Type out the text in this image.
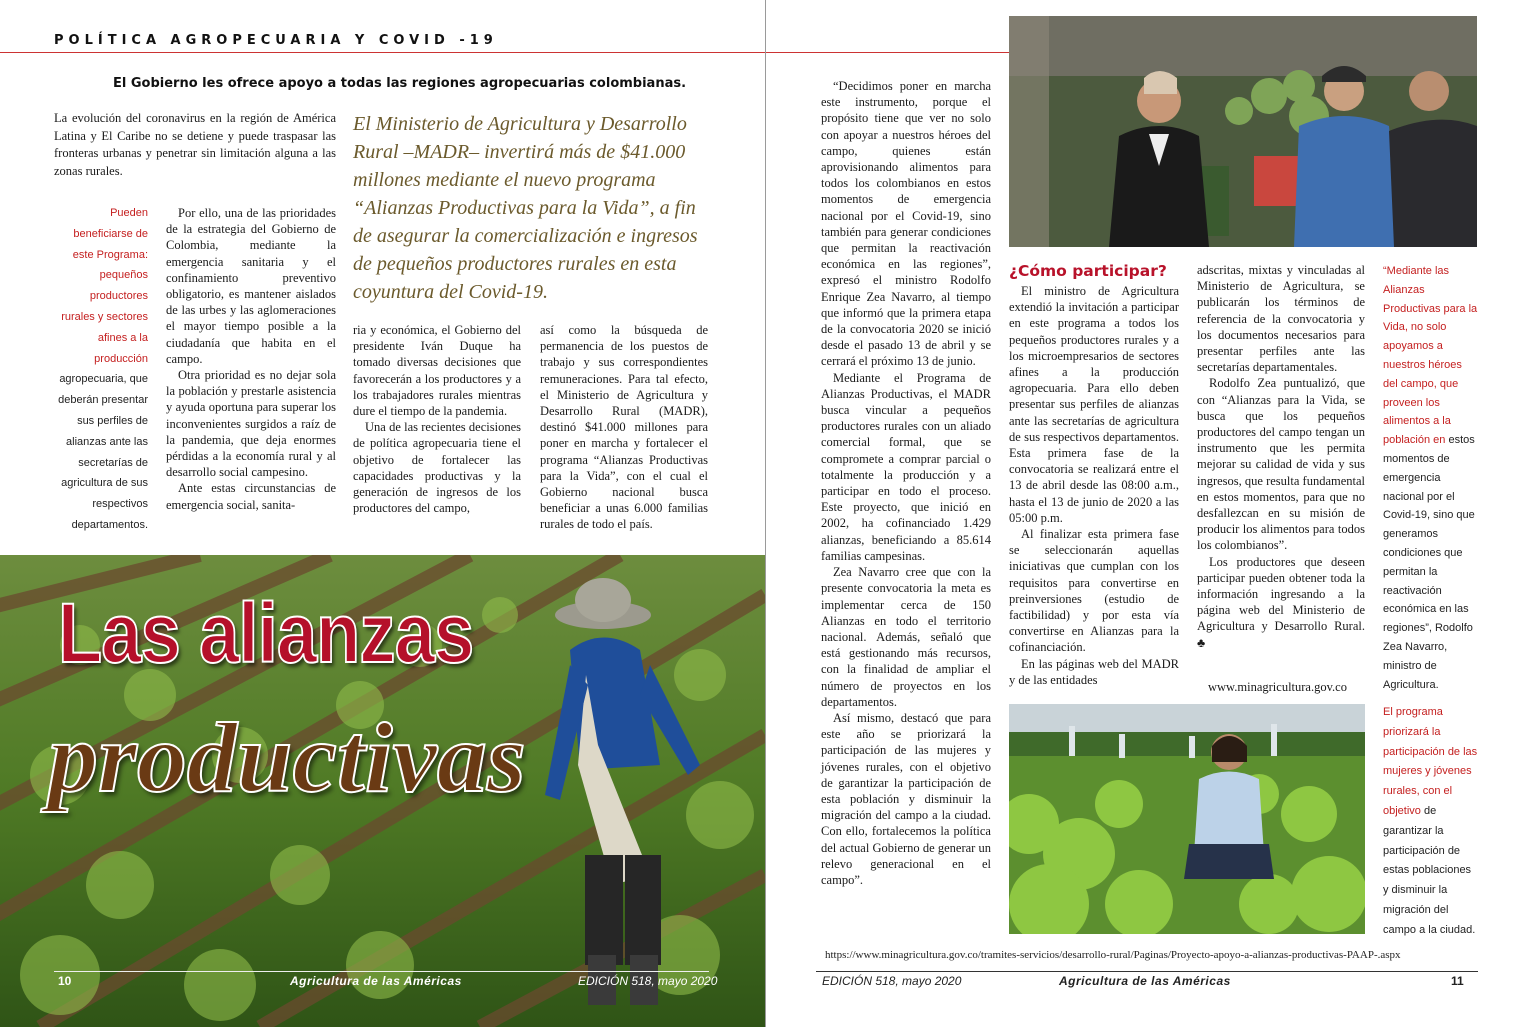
POLÍTICA AGROPECUARIA Y COVID -19
El Gobierno les ofrece apoyo a todas las regiones agropecuarias colombianas.

La evolución del coronavirus en la región de América Latina y El Caribe no se detiene y puede traspasar las fronteras urbanas y penetrar sin limitación alguna a las zonas rurales.

El Ministerio de Agricultura y Desarrollo Rural –MADR– invertirá más de $41.000 millones mediante el nuevo programa “Alianzas Productivas para la Vida”, a fin de asegurar la comercialización e ingresos de pequeños productores rurales en esta coyuntura del Covid-19.
Pueden beneficiarse de este Programa: pequeños productores rurales y sectores afines a la producción agropecuaria, que deberán presentar sus perfiles de alianzas ante las secretarías de agricultura de sus respectivos departamentos.

Por ello, una de las prioridades de la estrategia del Gobierno de Colombia, mediante la emergencia sanitaria y el confinamiento preventivo obligatorio, es mantener aislados de las urbes y las aglomeraciones el mayor tiempo posible a la ciudadanía que habita en el campo.

Otra prioridad es no dejar sola la población y prestarle asistencia y ayuda oportuna para superar los inconvenientes surgidos a raíz de la pandemia, que deja enormes pérdidas a la economía rural y al desarrollo social campesino.

Ante estas circunstancias de emergencia social, sanita-

ria y económica, el Gobierno del presidente Iván Duque ha tomado diversas decisiones que favorecerán a los productores y a los trabajadores rurales mientras dure el tiempo de la pandemia.

Una de las recientes decisiones de política agropecuaria tiene el objetivo de fortalecer las capacidades productivas y la generación de ingresos de los productores del campo,

así como la búsqueda de permanencia de los puestos de trabajo y sus correspondientes remuneraciones. Para tal efecto, el Ministerio de Agricultura y Desarrollo Rural (MADR), destinó $41.000 millones para poner en marcha y fortalecer el programa “Alianzas Productivas para la Vida”, con el cual el Gobierno nacional busca beneficiar a unas 6.000 familias rurales de todo el país.

Las alianzas
productivas
10	Agricultura de las Américas	EDICIÓN 518, mayo 2020

“Decidimos poner en marcha este instrumento, porque el propósito tiene que ver no solo con apoyar a nuestros héroes del campo, quienes están aprovisionando alimentos para todos los colombianos en estos momentos de emergencia nacional por el Covid-19, sino también para generar condiciones que permitan la reactivación económica en las regiones”, expresó el ministro Rodolfo Enrique Zea Navarro, al tiempo que informó que la primera etapa de la convocatoria 2020 se inició desde el pasado 13 de abril y se cerrará el próximo 13 de junio.

Mediante el Programa de Alianzas Productivas, el MADR busca vincular a pequeños productores rurales con un aliado comercial formal, que se compromete a comprar parcial o totalmente la producción y a participar en todo el proceso. Este proyecto, que inició en 2002, ha cofinanciado 1.429 alianzas, beneficiando a 85.614 familias campesinas.

Zea Navarro cree que con la presente convocatoria la meta es implementar cerca de 150 Alianzas en todo el territorio nacional. Además, señaló que está gestionando más recursos, con la finalidad de ampliar el número de proyectos en los departamentos.

Así mismo, destacó que para este año se priorizará la participación de las mujeres y jóvenes rurales, con el objetivo de garantizar la participación de esta población y disminuir la migración del campo a la ciudad. Con ello, fortalecemos la política del actual Gobierno de generar un relevo generacional en el campo”.

El ministro de Agricultura extendió la invitación a participar en este programa a todos los pequeños productores rurales y a los microempresarios de sectores afines a la producción agropecuaria. Para ello deben presentar sus perfiles de alianzas ante las secretarías de agricultura de sus respectivos departamentos. Esta primera fase de la convocatoria se realizará entre el 13 de abril desde las 08:00 a.m., hasta el 13 de junio de 2020 a las 05:00 p.m.

Al finalizar esta primera fase se seleccionarán aquellas iniciativas que cumplan con los requisitos para convertirse en preinversiones (estudio de factibilidad) y por esta vía convertirse en Alianzas para la cofinanciación.

En las páginas web del MADR y de las entidades

adscritas, mixtas y vinculadas al Ministerio de Agricultura, se publicarán los términos de referencia de la convocatoria y los documentos necesarios para presentar perfiles ante las secretarías departamentales.

Rodolfo Zea puntualizó, que con “Alianzas para la Vida, se busca que los pequeños productores del campo tengan un instrumento que les permita mejorar su calidad de vida y sus ingresos, que resulta fundamental en estos momentos, para que no desfallezcan en su misión de producir los alimentos para todos los colombianos”.

Los productores que deseen participar pueden obtener toda la información ingresando a la página web del Ministerio de Agricultura y Desarrollo Rural. ♣

“Mediante las Alianzas Productivas para la Vida, no solo apoyamos a nuestros héroes del campo, que proveen los alimentos a la población en estos momentos de emergencia nacional por el Covid-19, sino que generamos condiciones que permitan la reactivación económica en las regiones”, Rodolfo Zea Navarro, ministro de Agricultura.
El programa priorizará la participación de las mujeres y jóvenes rurales, con el objetivo de garantizar la participación de estas poblaciones y disminuir la migración del campo a la ciudad.
¿Cómo participar?
www.minagricultura.gov.co
https://www.minagricultura.gov.co/tramites-servicios/desarrollo-rural/Paginas/Proyecto-apoyo-a-alianzas-productivas-PAAP-.aspx
EDICIÓN 518, mayo 2020	Agricultura de las Américas	11
